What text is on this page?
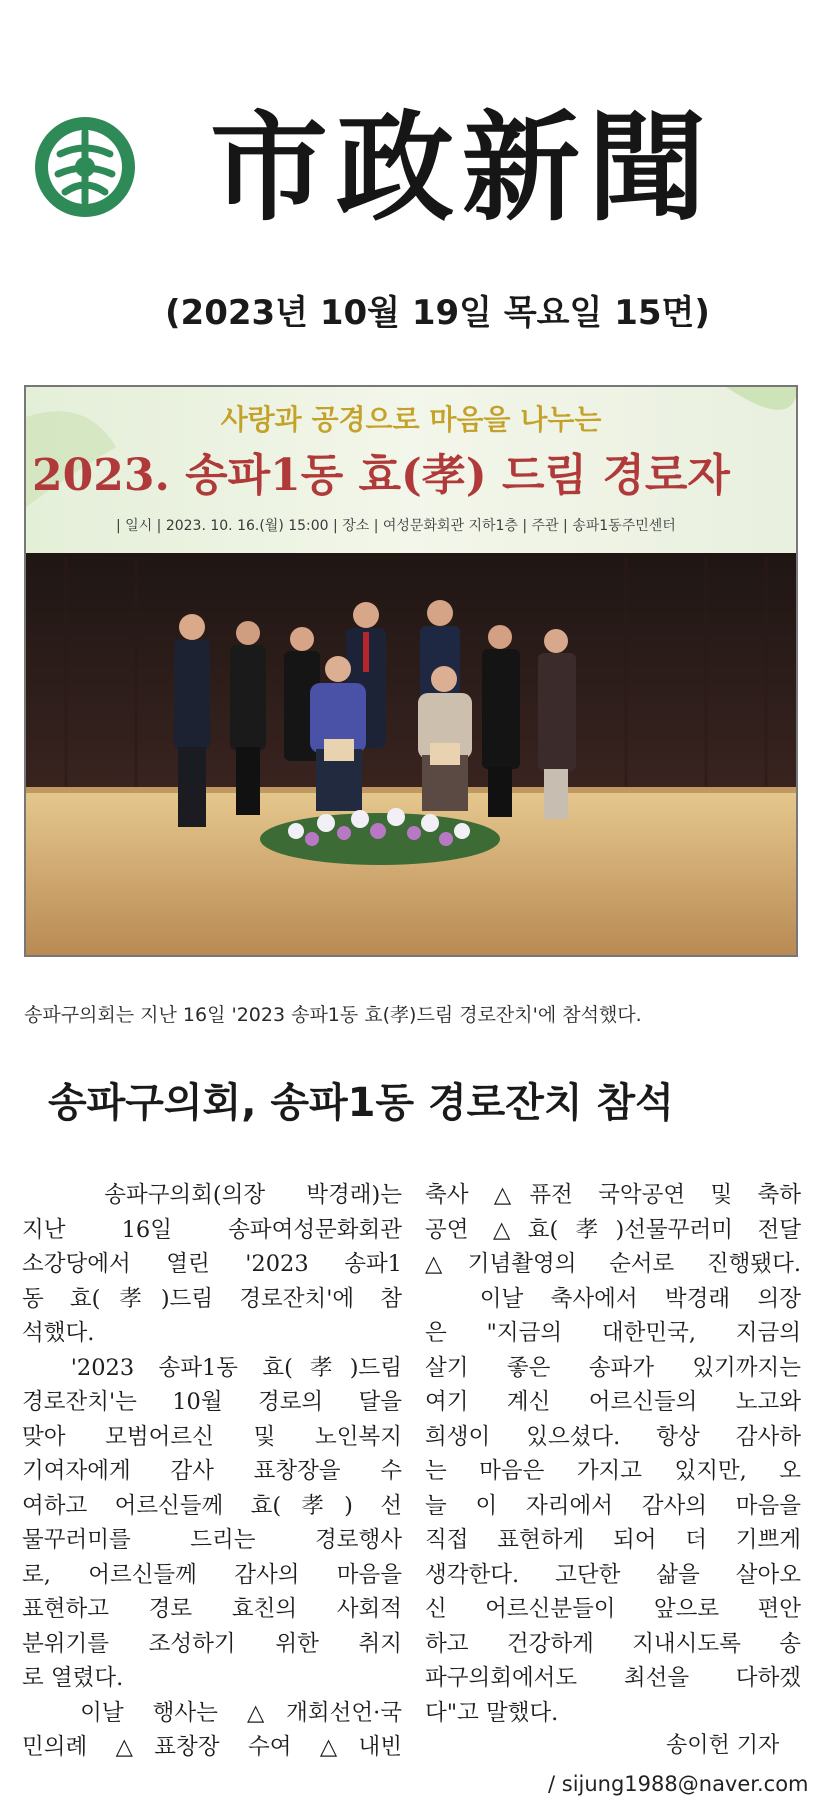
市政新聞
(2023년 10월 19일 목요일 15면)
사랑과 공경으로 마음을 나누는
2023. 송파1동 효(孝) 드림 경로자
| 일시 | 2023. 10. 16.(월) 15:00 | 장소 | 여성문화회관 지하1층 | 주관 | 송파1동주민센터
송파구의회는 지난 16일 '2023 송파1동 효(孝)드림 경로잔치'에 참석했다.
송파구의회, 송파1동 경로잔치 참석
송파구의회(의장 박경래)는
지난 16일 송파여성문화회관
소강당에서 열린 '2023 송파1
동 효(孝)드림 경로잔치'에 참
석했다.
'2023 송파1동 효(孝)드림
경로잔치'는 10월 경로의 달을
맞아 모범어르신 및 노인복지
기여자에게 감사 표창장을 수
여하고 어르신들께 효(孝) 선
물꾸러미를 드리는 경로행사
로, 어르신들께 감사의 마음을
표현하고 경로 효친의 사회적
분위기를 조성하기 위한 취지
로 열렸다.
이날 행사는 △개회선언·국
민의례 △표창장 수여 △내빈
축사 △퓨전 국악공연 및 축하
공연 △효(孝)선물꾸러미 전달
△기념촬영의 순서로 진행됐다.
이날 축사에서 박경래 의장
은 "지금의 대한민국, 지금의
살기 좋은 송파가 있기까지는
여기 계신 어르신들의 노고와
희생이 있으셨다. 항상 감사하
는 마음은 가지고 있지만, 오
늘 이 자리에서 감사의 마음을
직접 표현하게 되어 더 기쁘게
생각한다. 고단한 삶을 살아오
신 어르신분들이 앞으로 편안
하고 건강하게 지내시도록 송
파구의회에서도 최선을 다하겠
다"고 말했다.
송이헌 기자
/ sijung1988@naver.com
